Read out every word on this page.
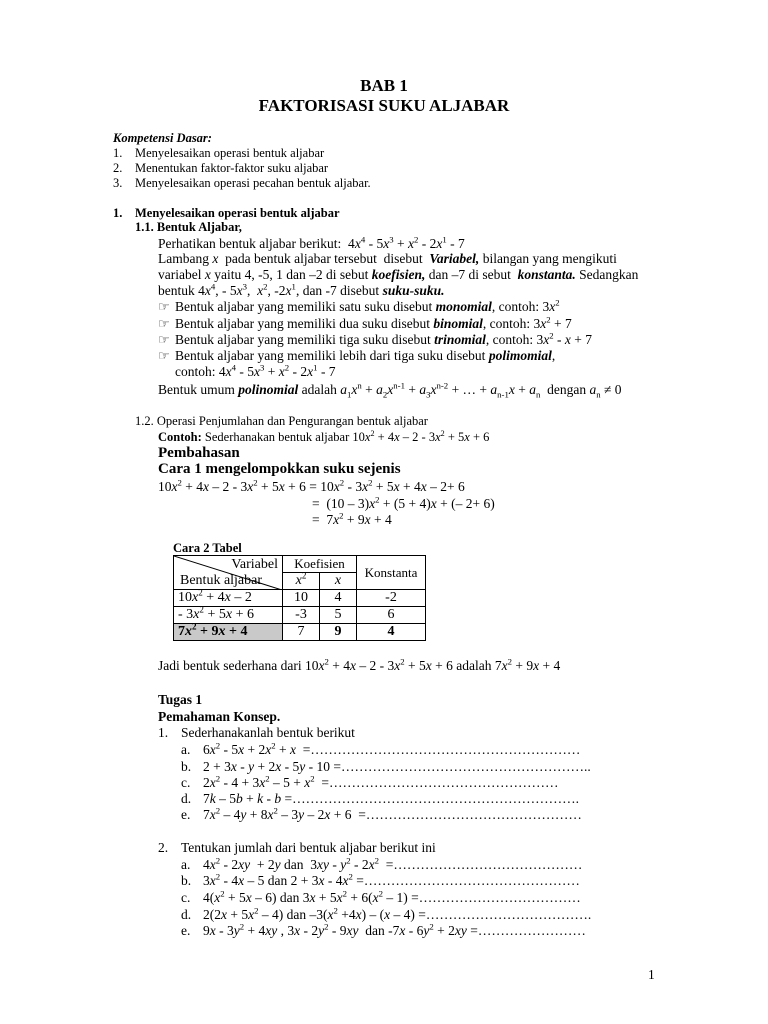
BAB 1
FAKTORISASI SUKU ALJABAR
Kompetensi Dasar:
1. Menyelesaikan operasi bentuk aljabar
2. Menentukan faktor-faktor suku aljabar
3. Menyelesaikan operasi pecahan bentuk aljabar.
1. Menyelesaikan operasi bentuk aljabar
1.1. Bentuk Aljabar,
Perhatikan bentuk aljabar berikut:  $4x^4 - 5x^3 + x^2 - 2x^1 - 7$
Lambang x  pada bentuk aljabar tersebut  disebut  Variabel, bilangan yang mengikuti
variabel x yaitu 4, -5, 1 dan –2 di sebut koefisien, dan –7 di sebut  konstanta. Sedangkan
bentuk $4x^4$, - $5x^3$,  $x^2$, $-2x^1$, dan -7 disebut suku-suku.
☞ Bentuk aljabar yang memiliki satu suku disebut monomial, contoh: $3x^2$
☞ Bentuk aljabar yang memiliki dua suku disebut binomial, contoh: $3x^2 + 7$
☞ Bentuk aljabar yang memiliki tiga suku disebut trinomial, contoh: $3x^2 - x + 7$
☞ Bentuk aljabar yang memiliki lebih dari tiga suku disebut polimomial,
contoh: $4x^4 - 5x^3 + x^2 - 2x^1 - 7$
Bentuk umum polinomial adalah $a_1x^n + a_2x^{n-1} + a_3x^{n-2}$ + … + $a_{n-1}x + a_n$  dengan $a_n \ne 0$
1.2. Operasi Penjumlahan dan Pengurangan bentuk aljabar
Contoh: Sederhanakan bentuk aljabar $10x^2 + 4x - 2 - 3x^2 + 5x + 6$
Pembahasan
Cara 1 mengelompokkan suku sejenis
$10x^2 + 4x - 2 - 3x^2 + 5x + 6 = 10x^2 - 3x^2 + 5x + 4x - 2+ 6$
=  $(10 - 3)x^2 + (5 + 4)x$ + (– 2+ 6)
=  $7x^2 + 9x + 4$
Cara 2 Tabel
Variabel
Bentuk aljabar	Koefisien		Konstanta
	$x^2$	x	
$10x^2 + 4x - 2$	10	4	-2
- $3x^2 + 5x + 6$	-3	5	6
$7x^2 + 9x + 4$	7	9	4
Jadi bentuk sederhana dari $10x^2 + 4x - 2 - 3x^2 + 5x + 6$ adalah $7x^2 + 9x + 4$
Tugas 1
Pemahaman Konsep.
1. Sederhanakanlah bentuk berikut
a. $6x^2 - 5x + 2x^2 + x$  =……………………………………………………
b. 2 + 3x - y + 2x - 5y - 10 =………………………………………………..
c. $2x^2 - 4 + 3x^2 - 5 + x^2$  =……………………………………………
d. 7k – 5b + k - b =……………………………………………………….
e. $7x^2 - 4y + 8x^2 - 3y - 2x + 6$  =…………………………………………
2. Tentukan jumlah dari bentuk aljabar berikut ini
a. $4x^2 - 2xy + 2y$ dan  $3xy - y^2 - 2x^2$  =……………………………………
b. $3x^2 - 4x - 5$ dan $2 + 3x - 4x^2$ =…………………………………………
c. $4(x^2 + 5x - 6)$ dan $3x + 5x^2 + 6(x^2 - 1)$ =………………………………
d. $2(2x + 5x^2 - 4)$ dan $-3(x^2 +4x) - (x - 4)$ =……………………………….
e. $9x - 3y^2 + 4xy$ , $3x - 2y^2 - 9xy$  dan $-7x - 6y^2 + 2xy$ =……………………
1
